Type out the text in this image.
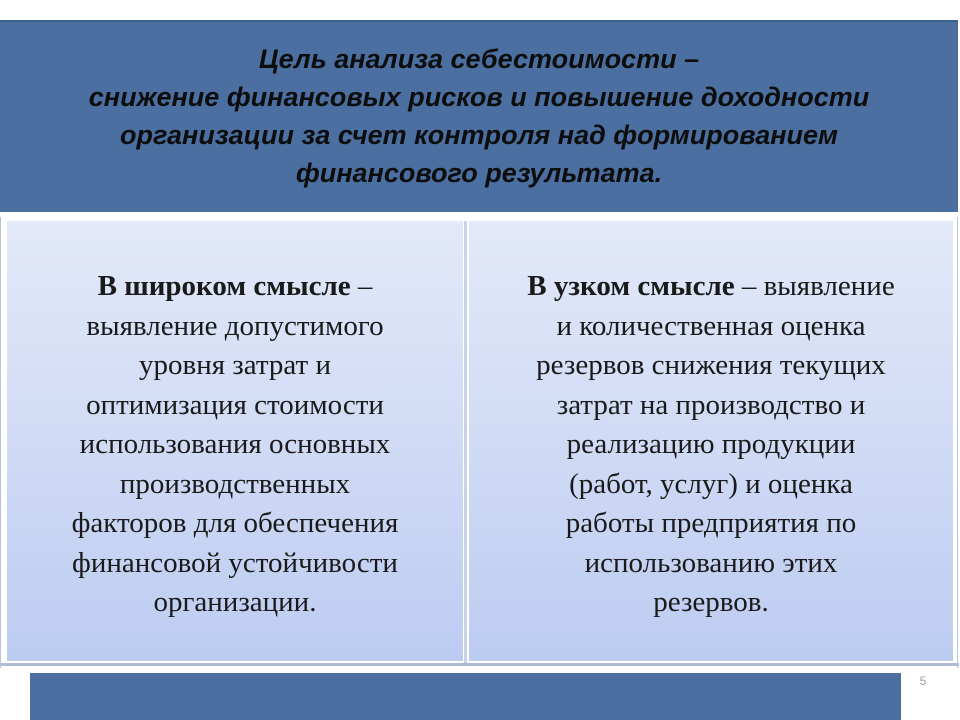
Цель анализа себестоимости –
снижение финансовых рисков и повышение доходности
организации за счет контроля над формированием
финансового результата.
В широком смысле –
выявление допустимого
уровня затрат и
оптимизация стоимости
использования основных
производственных
факторов для обеспечения
финансовой устойчивости
организации.
В узком смысле – выявление
и количественная оценка
резервов снижения текущих
затрат на производство и
реализацию продукции
(работ, услуг) и оценка
работы предприятия по
использованию этих
резервов.
5
